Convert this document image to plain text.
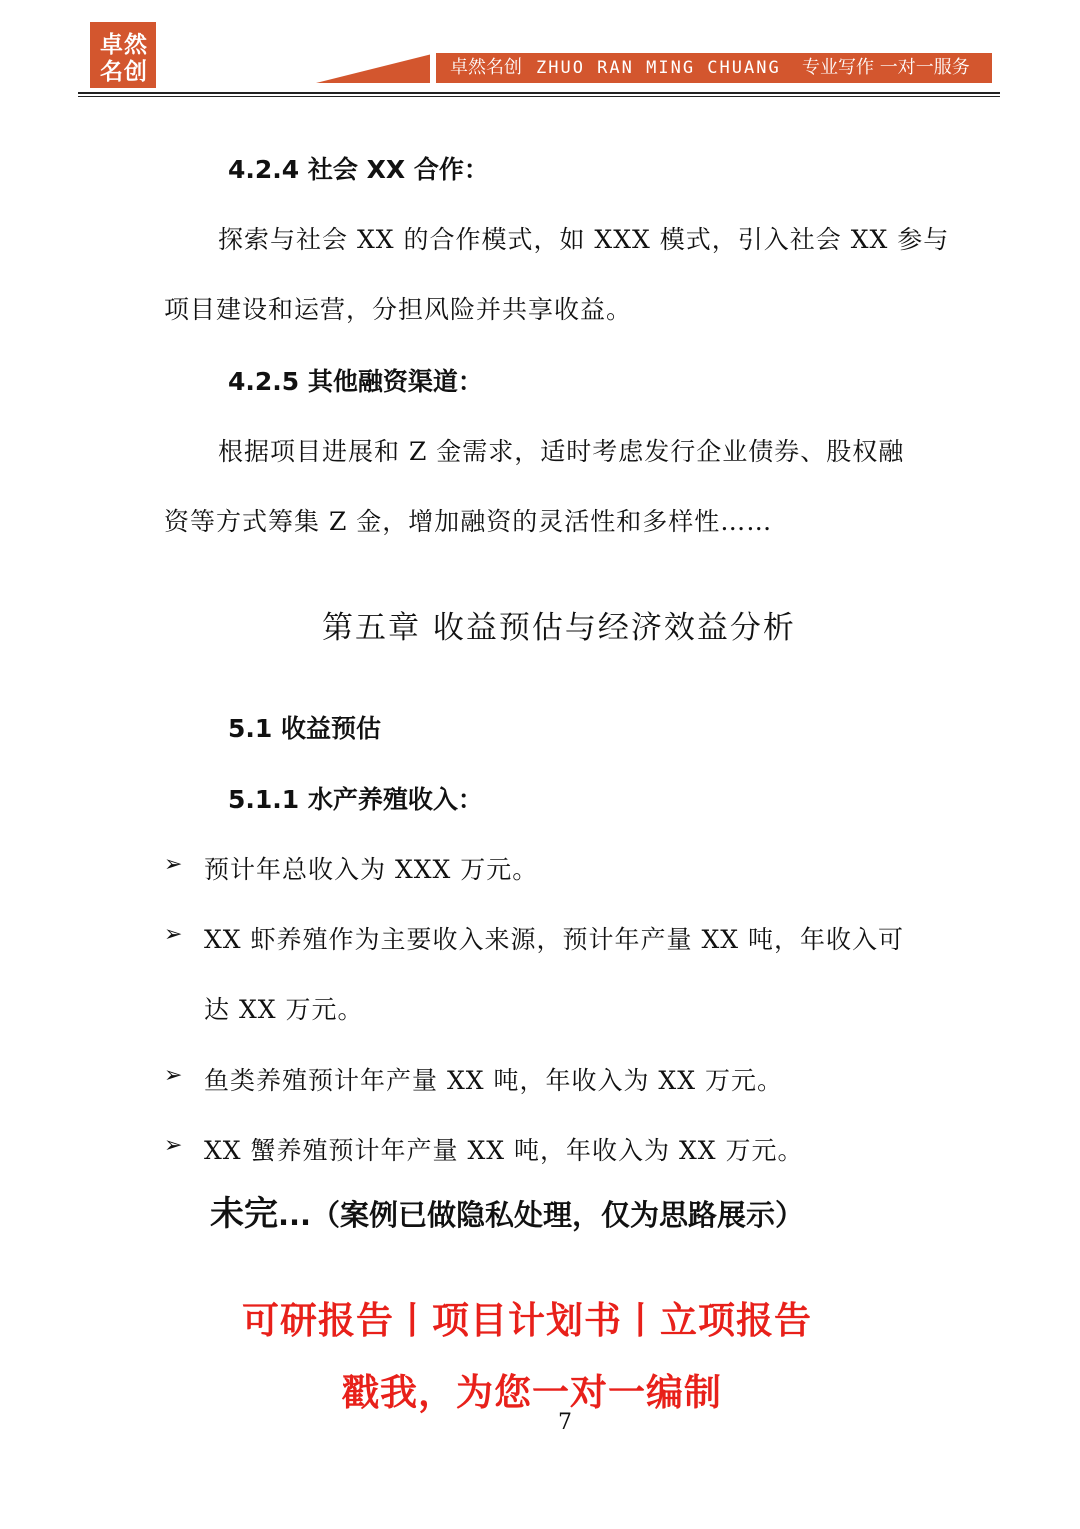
卓然
名创	卓然名创 ZHUO RAN MING CHUANG 专业写作 一对一服务
4.2.4 社会 XX 合作：
探索与社会 XX 的合作模式，如 XXX 模式，引入社会 XX 参与
项目建设和运营，分担风险并共享收益。
4.2.5 其他融资渠道：
根据项目进展和 Z 金需求，适时考虑发行企业债券、股权融
资等方式筹集 Z 金，增加融资的灵活性和多样性……
第五章 收益预估与经济效益分析
5.1 收益预估
5.1.1 水产养殖收入：
➢ 预计年总收入为 XXX 万元。
➢ XX 虾养殖作为主要收入来源，预计年产量 XX 吨，年收入可
达 XX 万元。
➢ 鱼类养殖预计年产量 XX 吨，年收入为 XX 万元。
➢ XX 蟹养殖预计年产量 XX 吨，年收入为 XX 万元。
未完...（案例已做隐私处理，仅为思路展示）
可研报告丨项目计划书丨立项报告
戳我，为您一对一编制
7
